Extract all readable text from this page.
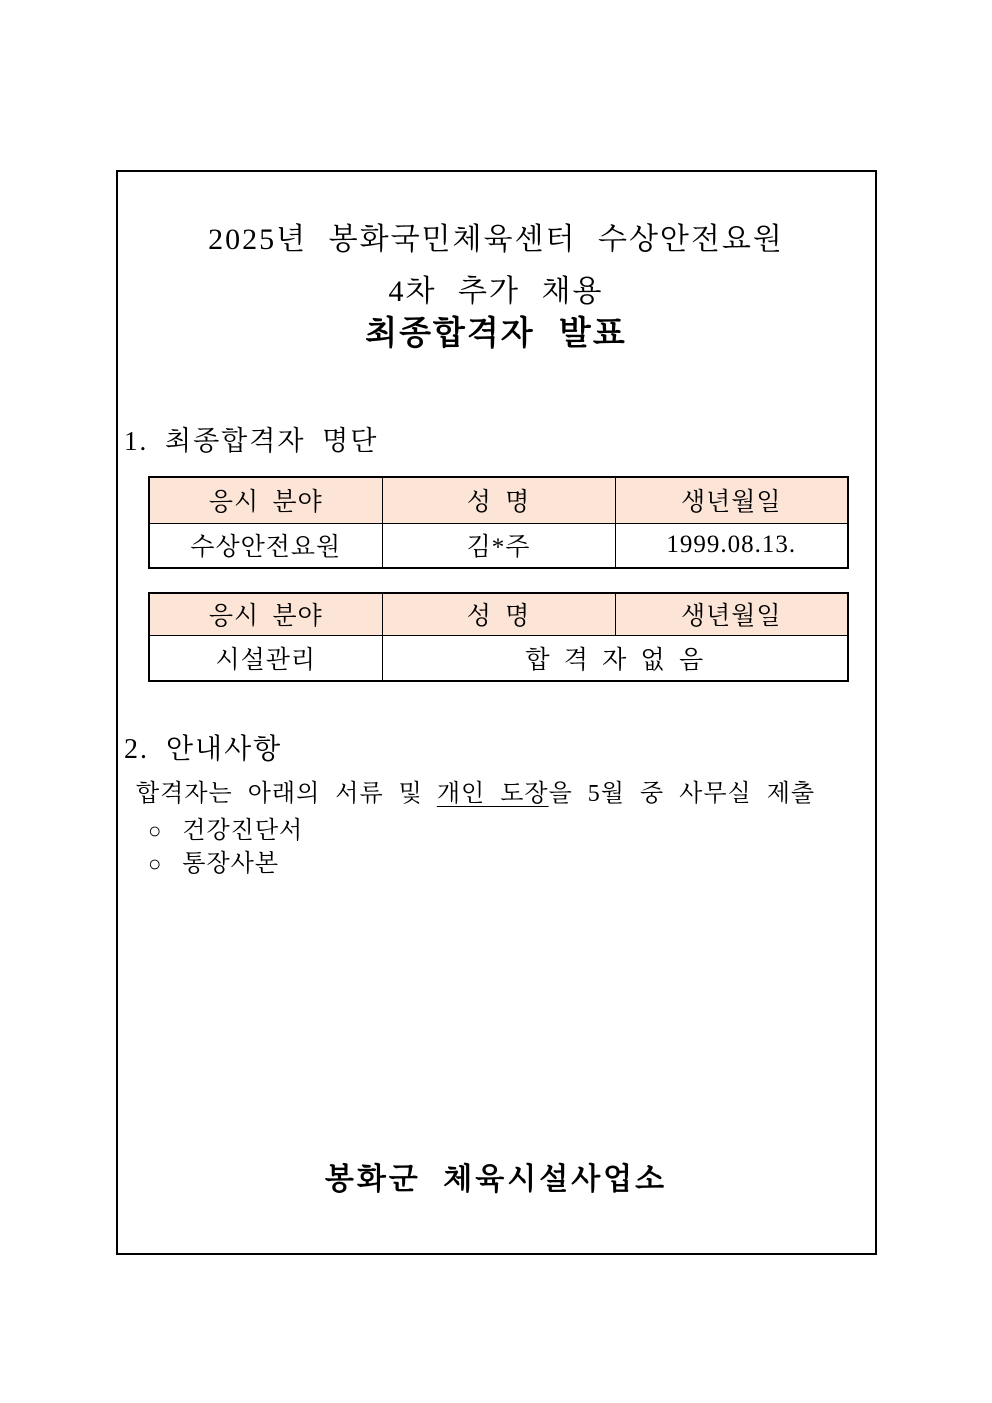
2025년 봉화국민체육센터 수상안전요원
4차 추가 채용
최종합격자 발표
1. 최종합격자 명단
응시 분야	성 명	생년월일
수상안전요원	김*주	1999.08.13.
응시 분야	성 명	생년월일
시설관리	합 격 자 없 음	
2. 안내사항
합격자는 아래의 서류 및 개인 도장을 5월 중 사무실 제출
○ 건강진단서
○ 통장사본
봉화군 체육시설사업소
